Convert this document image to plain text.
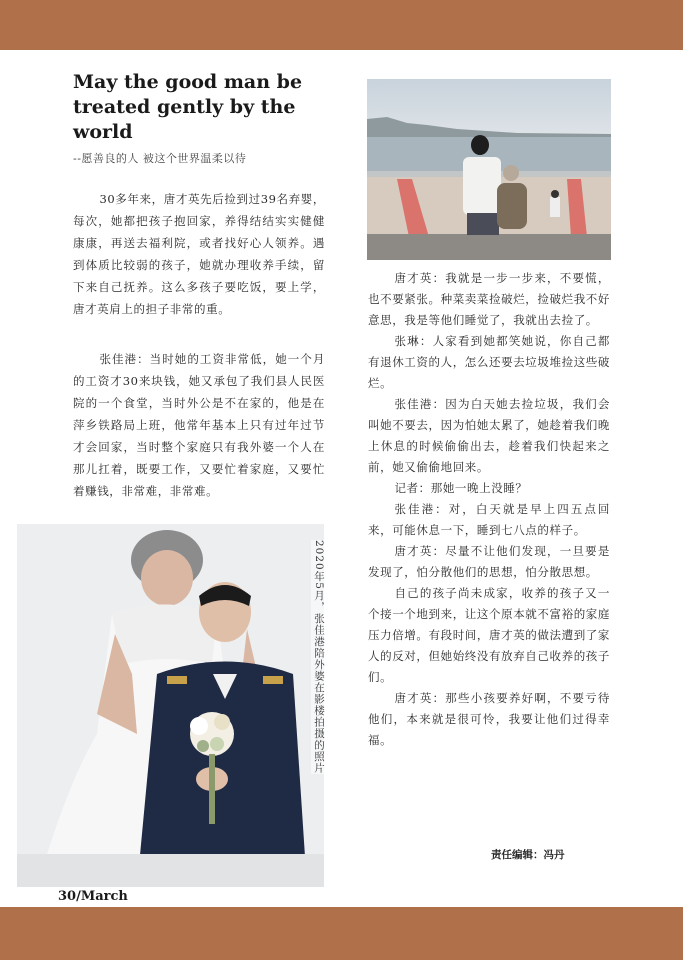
May the good man be treated gently by the world
--愿善良的人 被这个世界温柔以待

30多年来，唐才英先后捡到过39名弃婴，每次，她都把孩子抱回家，养得结结实实健健康康，再送去福利院，或者找好心人领养。遇到体质比较弱的孩子，她就办理收养手续，留下来自己抚养。这么多孩子要吃饭，要上学，唐才英肩上的担子非常的重。

张佳港：当时她的工资非常低，她一个月的工资才30来块钱，她又承包了我们县人民医院的一个食堂，当时外公是不在家的，他是在萍乡铁路局上班，他常年基本上只有过年过节才会回家，当时整个家庭只有我外婆一个人在那儿扛着，既要工作，又要忙着家庭，又要忙着赚钱，非常难，非常难。

2020年5月，张佳港陪外婆在影楼拍摄的照片

唐才英：我就是一步一步来，不要慌，也不要紧张。种菜卖菜捡破烂，捡破烂我不好意思，我是等他们睡觉了，我就出去捡了。

张琳：人家看到她都笑她说，你自己都有退休工资的人，怎么还要去垃圾堆捡这些破烂。

张佳港：因为白天她去捡垃圾，我们会叫她不要去，因为怕她太累了，她趁着我们晚上休息的时候偷偷出去，趁着我们快起来之前，她又偷偷地回来。

记者：那她一晚上没睡？

张佳港：对，白天就是早上四五点回来，可能休息一下，睡到七八点的样子。

唐才英：尽量不让他们发现，一旦要是发现了，怕分散他们的思想，怕分散思想。

自己的孩子尚未成家，收养的孩子又一个接一个地到来，让这个原本就不富裕的家庭压力倍增。有段时间，唐才英的做法遭到了家人的反对，但她始终没有放弃自己收养的孩子们。

唐才英：那些小孩要养好啊，不要亏待他们，本来就是很可怜，我要让他们过得幸福。

责任编辑：冯丹
30/March
